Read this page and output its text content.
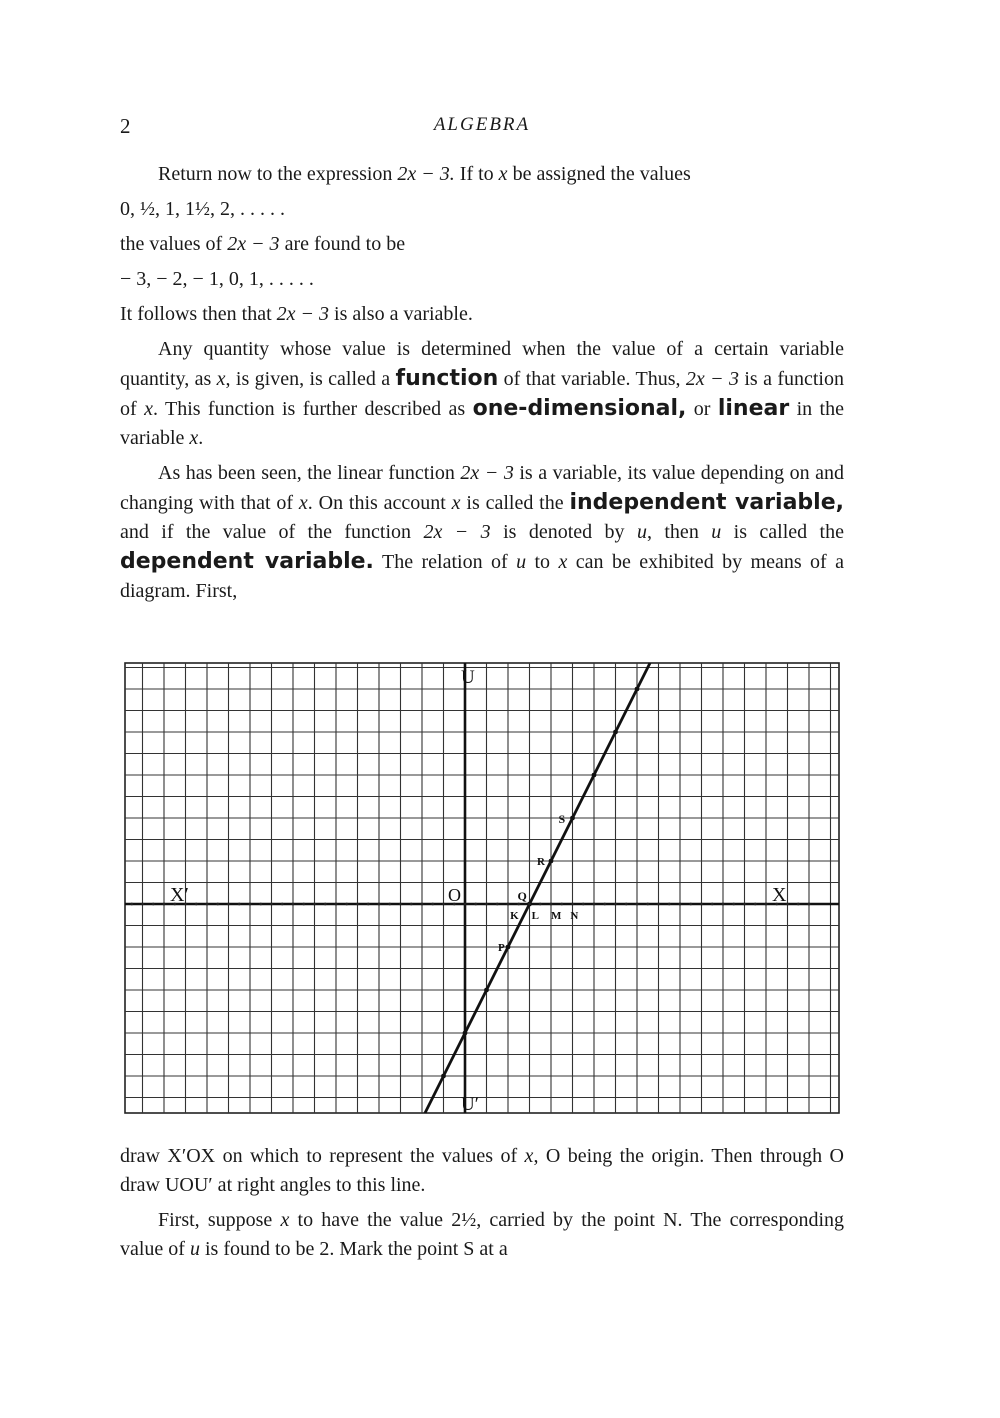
2	ALGEBRA

Return now to the expression 2x − 3. If to x be assigned the values

0, ½, 1, 1½, 2, . . . . .

the values of 2x − 3 are found to be

− 3, − 2, − 1, 0, 1, . . . . .

It follows then that 2x − 3 is also a variable.

Any quantity whose value is determined when the value of a certain variable quantity, as x, is given, is called a function of that variable. Thus, 2x − 3 is a function of x. This function is further described as one-dimensional, or linear in the variable x.

As has been seen, the linear function 2x − 3 is a variable, its value depending on and changing with that of x. On this account x is called the independent variable, and if the value of the function 2x − 3 is denoted by u, then u is called the dependent variable. The relation of u to x can be exhibited by means of a diagram. First,

U
U′
X′	X
O
K L M N
P
Q
R
S

draw X′OX on which to represent the values of x, O being the origin. Then through O draw UOU′ at right angles to this line.

First, suppose x to have the value 2½, carried by the point N. The corresponding value of u is found to be 2. Mark the point S at a
